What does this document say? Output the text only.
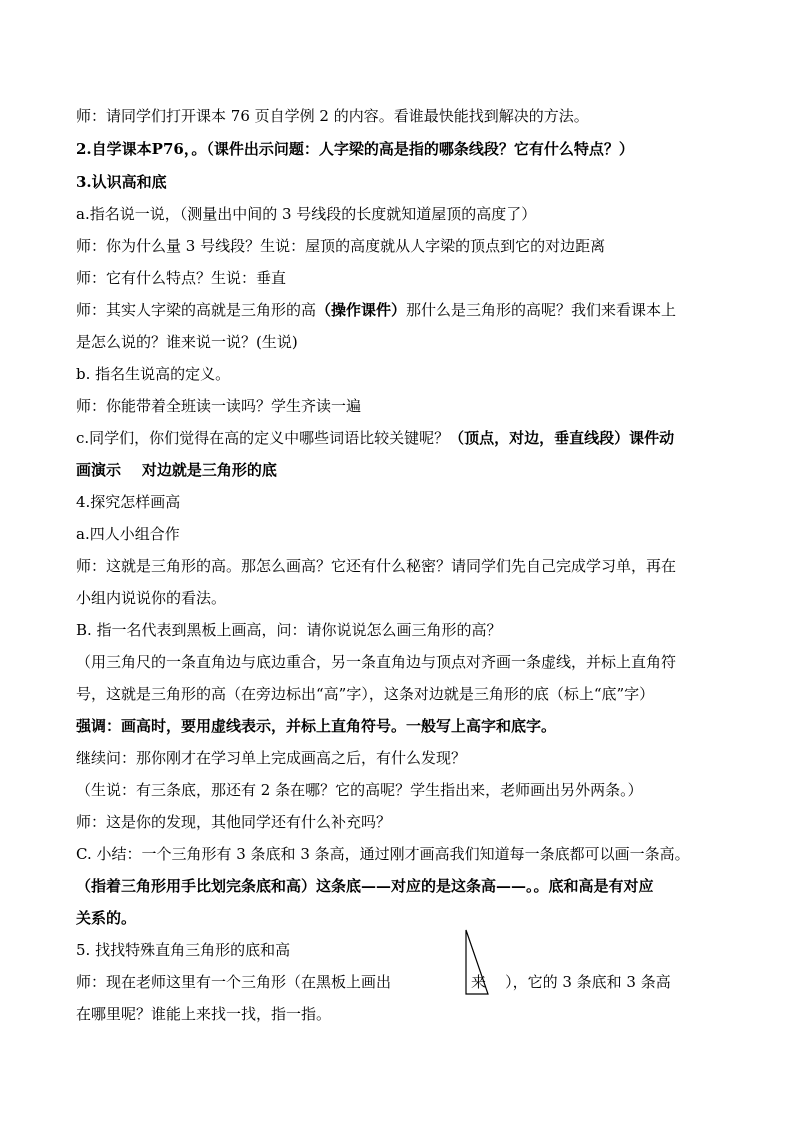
师：请同学们打开课本 76 页自学例 2 的内容。看谁最快能找到解决的方法。
2.自学课本P76，。（课件出示问题：人字梁的高是指的哪条线段？它有什么特点？）
3.认识高和底
a.指名说一说，（测量出中间的 3 号线段的长度就知道屋顶的高度了）
师：你为什么量 3 号线段？生说：屋顶的高度就从人字梁的顶点到它的对边距离
师：它有什么特点？生说：垂直
师：其实人字梁的高就是三角形的高（操作课件）那什么是三角形的高呢？我们来看课本上
是怎么说的？谁来说一说？(生说)
b. 指名生说高的定义。
师：你能带着全班读一读吗？学生齐读一遍
c.同学们，你们觉得在高的定义中哪些词语比较关键呢？（顶点，对边，垂直线段）课件动
画演示    对边就是三角形的底
4.探究怎样画高
a.四人小组合作
师：这就是三角形的高。那怎么画高？它还有什么秘密？请同学们先自己完成学习单，再在
小组内说说你的看法。
B. 指一名代表到黑板上画高，问：请你说说怎么画三角形的高？
（用三角尺的一条直角边与底边重合，另一条直角边与顶点对齐画一条虚线，并标上直角符
号，这就是三角形的高（在旁边标出“高”字），这条对边就是三角形的底（标上“底”字）
强调：画高时，要用虚线表示，并标上直角符号。一般写上高字和底字。
继续问：那你刚才在学习单上完成画高之后，有什么发现？
（生说：有三条底，那还有 2 条在哪？它的高呢？学生指出来，老师画出另外两条。）
师：这是你的发现，其他同学还有什么补充吗？
C. 小结：一个三角形有 3 条底和 3 条高，通过刚才画高我们知道每一条底都可以画一条高。
（指着三角形用手比划完条底和高）这条底——对应的是这条高——。。底和高是有对应
关系的。
5. 找找特殊直角三角形的底和高
师：现在老师这里有一个三角形（在黑板上画出	来    ），它的 3 条底和 3 条高
在哪里呢？谁能上来找一找，指一指。
